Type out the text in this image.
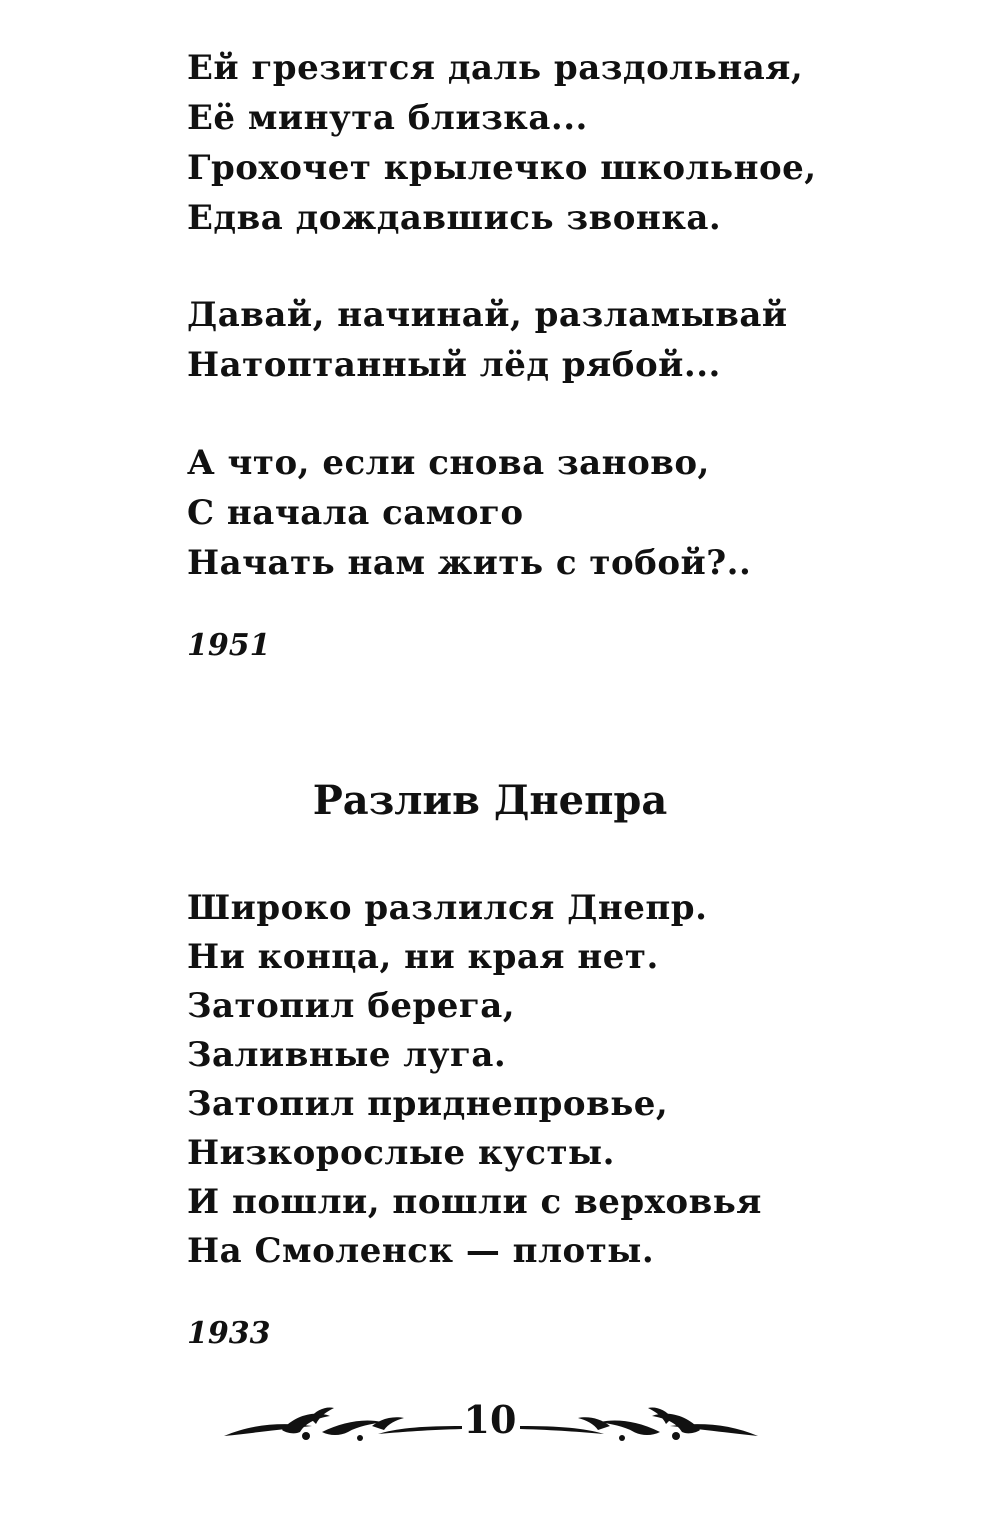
Ей грезится даль раздольная,
Её минута близка...
Грохочет крылечко школьное,
Едва дождавшись звонка.
Давай, начинай, разламывай
Натоптанный лёд рябой...
А что, если снова заново,
С начала самого
Начать нам жить с тобой?..
1951
Разлив Днепра
Широко разлился Днепр.
Ни конца, ни края нет.
Затопил берега,
Заливные луга.
Затопил приднепровье,
Низкорослые кусты.
И пошли, пошли с верховья
На Смоленск — плоты.
1933
10
